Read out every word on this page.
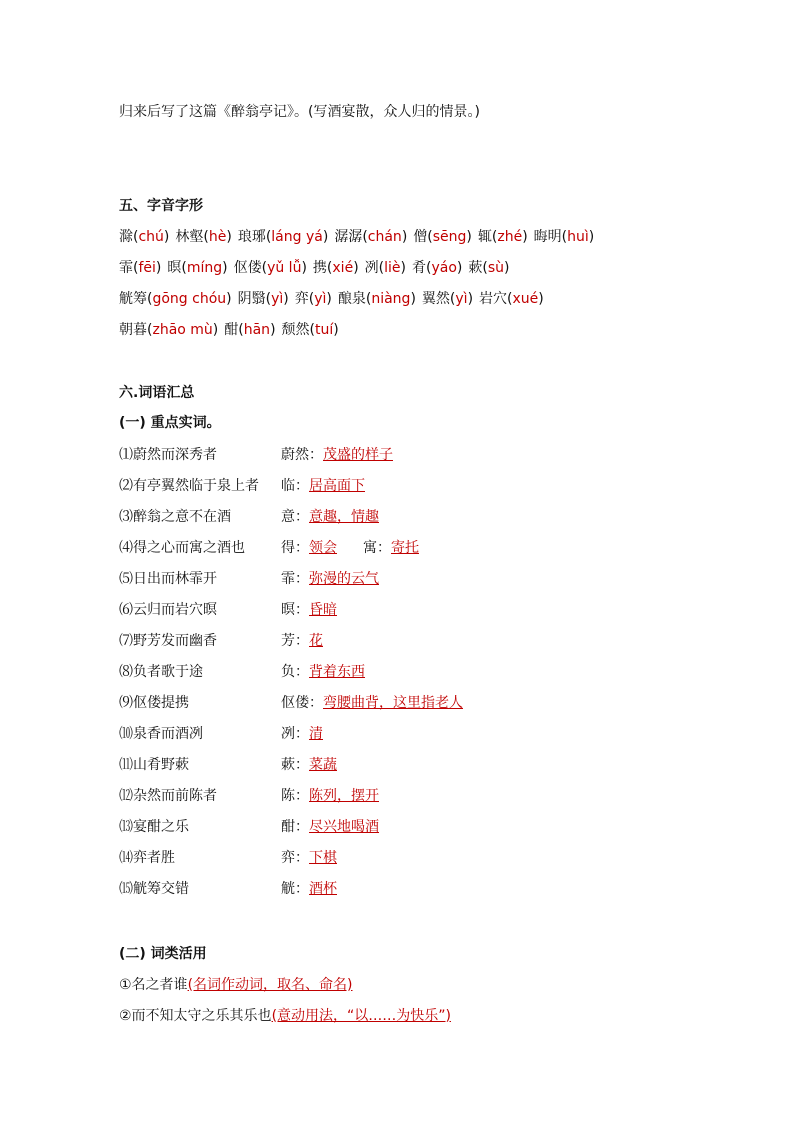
归来后写了这篇《醉翁亭记》。(写酒宴散，众人归的情景。)
五、字音字形
滁(chú) 林壑(hè) 琅琊(láng yá) 潺潺(chán) 僧(sēng) 辄(zhé) 晦明(huì)
霏(fēi) 暝(míng) 伛偻(yǔ lǚ) 携(xié) 冽(liè) 肴(yáo) 蔌(sù)
觥筹(gōng chóu) 阴翳(yì) 弈(yì) 酿泉(niàng) 翼然(yì) 岩穴(xué)
朝暮(zhāo mù) 酣(hān) 颓然(tuí)
六.词语汇总
(一) 重点实词。
⑴蔚然而深秀者	蔚然：茂盛的样子
⑵有亭翼然临于泉上者 临：居高面下
⑶醉翁之意不在酒	意：意趣，情趣
⑷得之心而寓之酒也	得：领会 寓：寄托
⑸日出而林霏开	霏：弥漫的云气
⑹云归而岩穴暝	暝：昏暗
⑺野芳发而幽香	芳：花
⑻负者歌于途	负：背着东西
⑼伛偻提携	伛偻：弯腰曲背，这里指老人
⑽泉香而酒冽	冽：清
⑾山肴野蔌	蔌：菜蔬
⑿杂然而前陈者	陈：陈列，摆开
⒀宴酣之乐	酣：尽兴地喝酒
⒁弈者胜	弈：下棋
⒂觥筹交错	觥：酒杯
(二) 词类活用
①名之者谁(名词作动词，取名、命名)
②而不知太守之乐其乐也(意动用法，“以……为快乐”)
